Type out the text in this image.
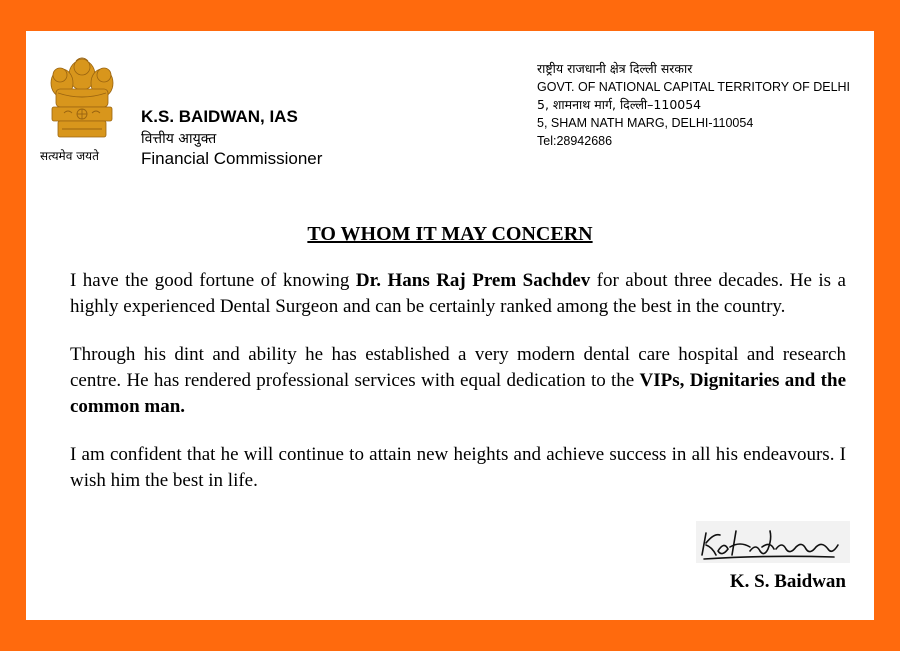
सत्यमेव जयते
K.S. BAIDWAN, IAS
वित्तीय आयुक्त
Financial Commissioner
राष्ट्रीय राजधानी क्षेत्र दिल्ली सरकार
GOVT. OF NATIONAL CAPITAL TERRITORY OF DELHI
5, शामनाथ मार्ग, दिल्ली–110054
5, SHAM NATH MARG, DELHI-110054
Tel:28942686
TO WHOM IT MAY CONCERN

I have the good fortune of knowing Dr. Hans Raj Prem Sachdev for about three decades. He is a highly experienced Dental Surgeon and can be certainly ranked among the best in the country.

Through his dint and ability he has established a very modern dental care hospital and research centre. He has rendered professional services with equal dedication to the VIPs, Dignitaries and the common man.

I am confident that he will continue to attain new heights and achieve success in all his endeavours. I wish him the best in life.

K. S. Baidwan
